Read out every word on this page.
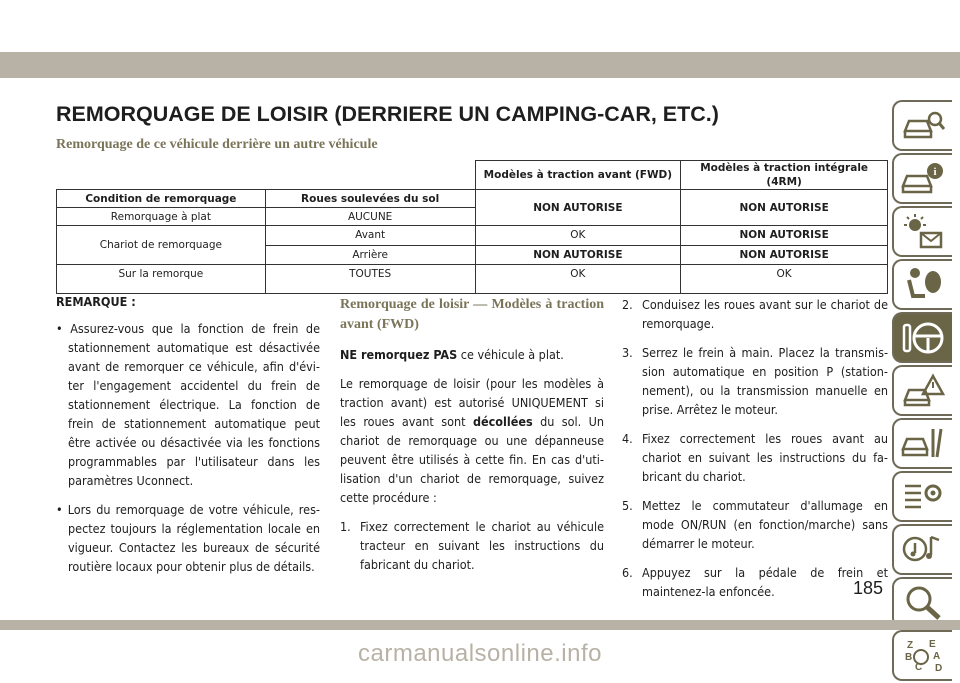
REMORQUAGE DE LOISIR (DERRIERE UN CAMPING-CAR, ETC.)
Remorquage de ce véhicule derrière un autre véhicule
		Modèles à traction avant (FWD)	Modèles à traction intégrale (4RM)
Condition de remorquage	Roues soulevées du sol	NON AUTORISE	NON AUTORISE
Remorquage à plat	AUCUNE		
Chariot de remorquage	Avant	OK	NON AUTORISE
	Arrière	NON AUTORISE	NON AUTORISE
Sur la remorque	TOUTES	OK	OK

REMARQUE :

• Assurez-vous que la fonction de frein de stationnement automatique est désactivée avant de remorquer ce véhicule, afin d'évi-ter l'engagement accidentel du frein de stationnement électrique. La fonction de frein de stationnement automatique peut être activée ou désactivée via les fonctions programmables par l'utilisateur dans les paramètres Uconnect.

• Lors du remorquage de votre véhicule, res-pectez toujours la réglementation locale en vigueur. Contactez les bureaux de sécurité routière locaux pour obtenir plus de détails.

Remorquage de loisir — Modèles à traction avant (FWD)

NE remorquez PAS ce véhicule à plat.

Le remorquage de loisir (pour les modèles à traction avant) est autorisé UNIQUEMENT si les roues avant sont décollées du sol. Un chariot de remorquage ou une dépanneuse peuvent être utilisés à cette fin. En cas d'uti-lisation d'un chariot de remorquage, suivez cette procédure :

1. Fixez correctement le chariot au véhicule tracteur en suivant les instructions du fabricant du chariot.
2. Conduisez les roues avant sur le chariot de remorquage.
3. Serrez le frein à main. Placez la transmis-sion automatique en position P (station-nement), ou la transmission manuelle en prise. Arrêtez le moteur.
4. Fixez correctement les roues avant au chariot en suivant les instructions du fa-bricant du chariot.
5. Mettez le commutateur d'allumage en mode ON/RUN (en fonction/marche) sans démarrer le moteur.
6. Appuyez sur la pédale de frein et maintenez-la enfoncée.
i
Z E
B A
C D
185
carmanualsonline.info
